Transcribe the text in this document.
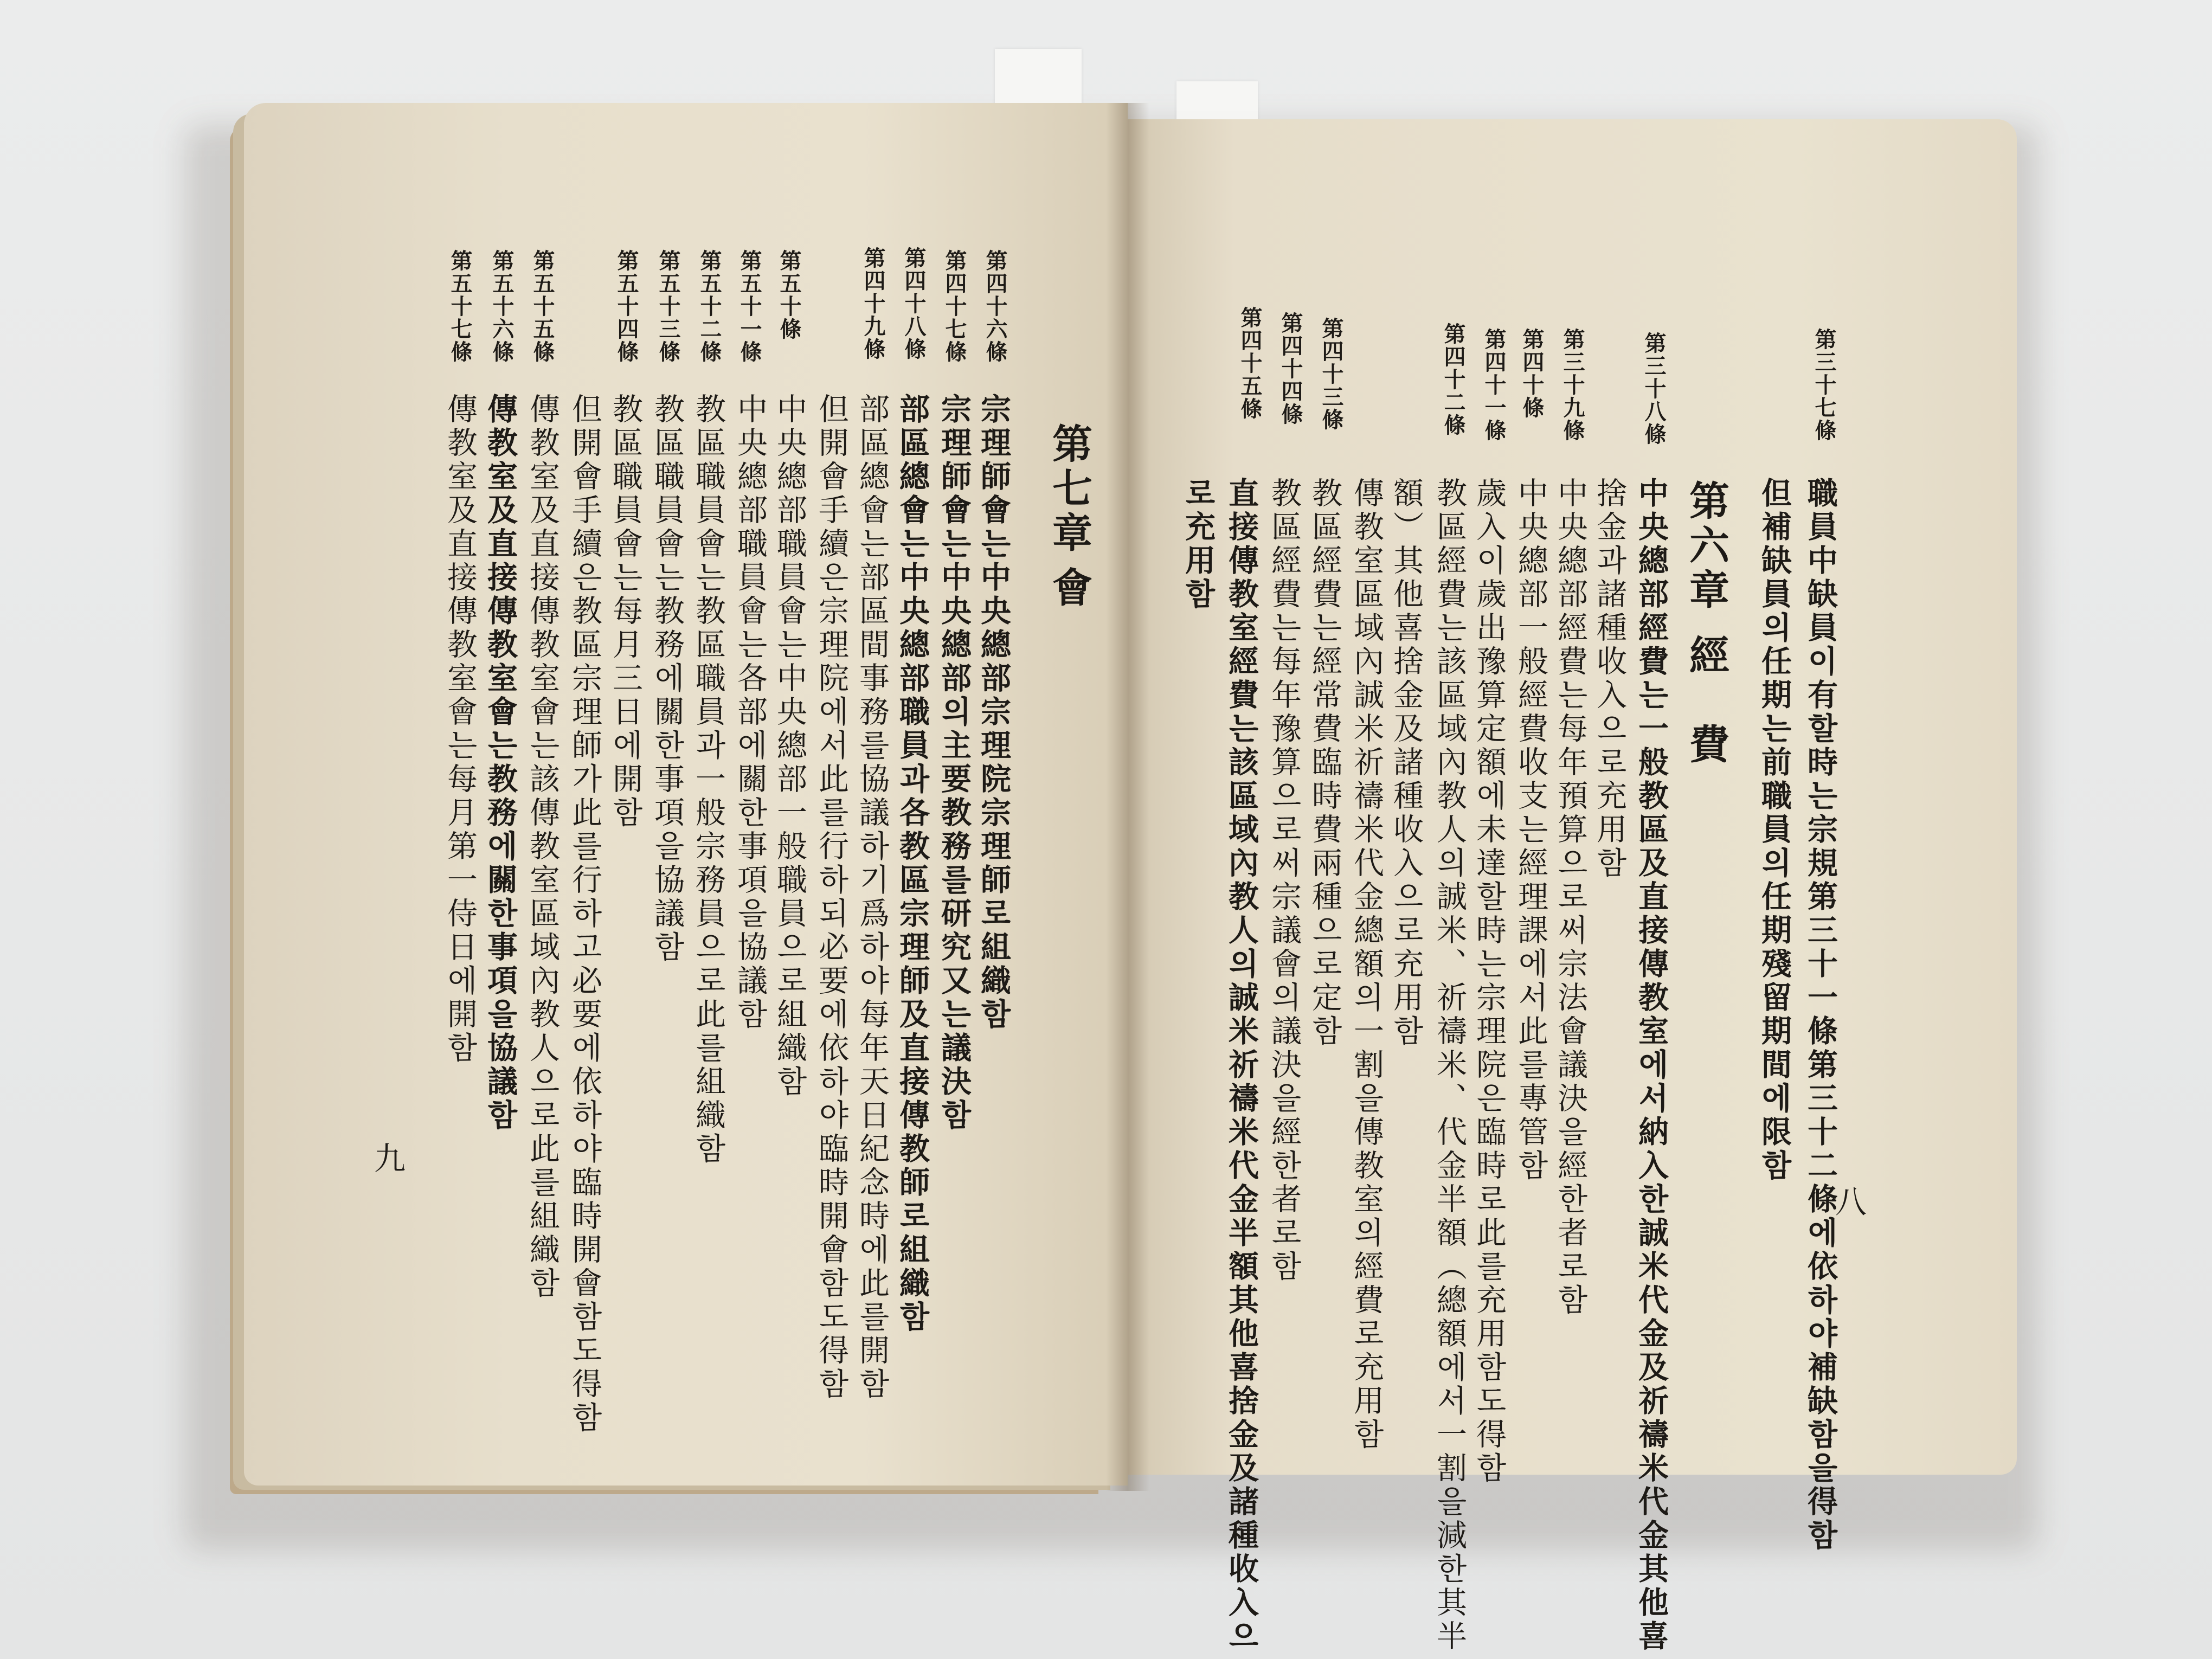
八
第三十七條
職員中缺員이有할時는宗規第三十一條第三十二條에依하야補缺함을得함
但補缺員의任期는前職員의任期殘留期間에限함
第六章
經　費
第三十八條
中央總部經費는一般教區及直接傳教室에서納入한誠米代金及祈禱米代金其他喜
捨金과諸種收入으로充用함
第三十九條
中央總部經費는每年預算으로써宗法會議決을經한者로함
第四十條
中央總部一般經費收支는經理課에서此를專管함
第四十一條
歲入이歲出豫算定額에未達할時는宗理院은臨時로此를充用함도得함
第四十二條
教區經費는該區域內教人의誠米、祈禱米、代金半額（總額에서一割을減한其半
額）其他喜捨金及諸種收入으로充用함
第四十三條
傳教室區域內誠米祈禱米代金總額의一割을傳教室의經費로充用함
第四十四條
教區經費는經常費臨時費兩種으로定함
第四十五條
教區經費는每年豫算으로써宗議會의議決을經한者로함
直接傳教室經費는該區域內教人의誠米祈禱米代金半額其他喜捨金及諸種收入으
로充用함
九
第七章
會
第四十六條
宗理師會는中央總部宗理院宗理師로組織함
第四十七條
宗理師會는中央總部의主要教務를研究又는議決함
第四十八條
部區總會는中央總部職員과各教區宗理師及直接傳教師로組織함
第四十九條
部區總會는部區間事務를協議하기爲하야每年天日紀念時에此를開함
但開會手續은宗理院에서此를行하되必要에依하야臨時開會함도得함
第五十條
中央總部職員會는中央總部一般職員으로組織함
第五十一條
中央總部職員會는各部에關한事項을協議함
第五十二條
教區職員會는教區職員과一般宗務員으로此를組織함
第五十三條
教區職員會는教務에關한事項을協議함
第五十四條
教區職員會는每月三日에開함
但開會手續은教區宗理師가此를行하고必要에依하야臨時開會함도得함
第五十五條
傳教室及直接傳教室會는該傳教室區域內教人으로此를組織함
第五十六條
傳教室及直接傳教室會는教務에關한事項을協議함
第五十七條
傳教室及直接傳教室會는每月第一侍日에開함
